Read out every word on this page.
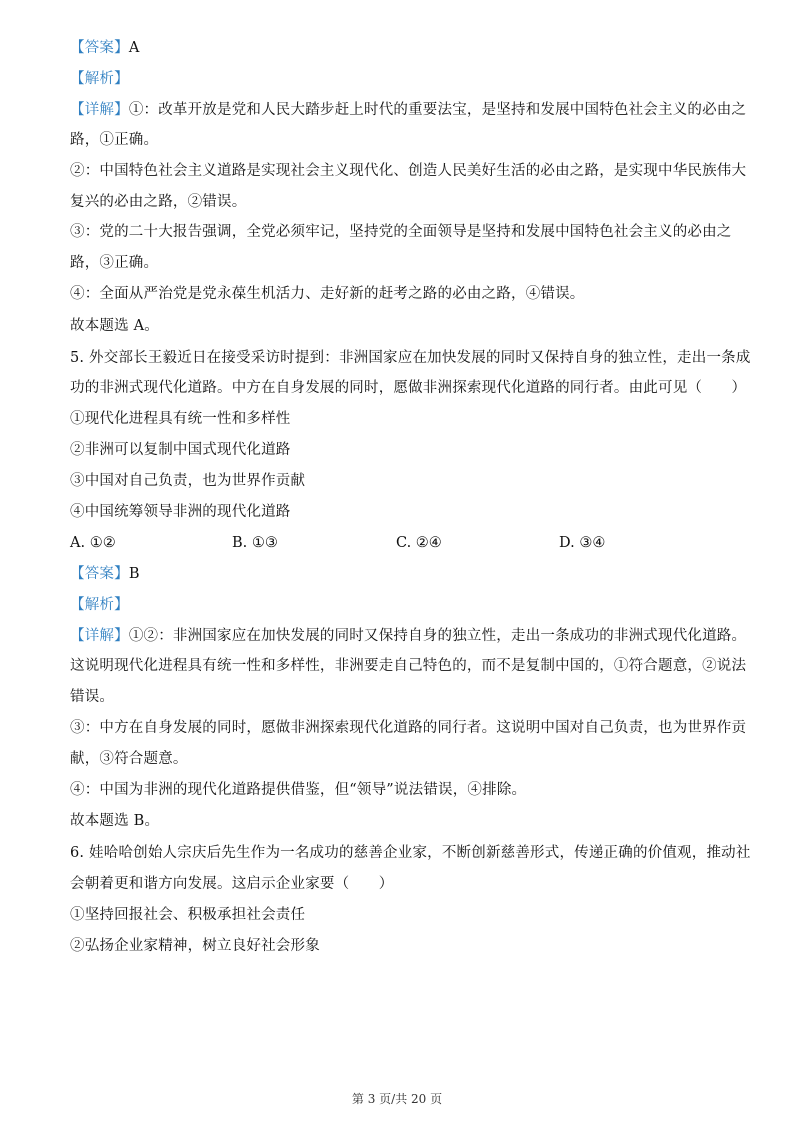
【答案】A
【解析】
【详解】①：改革开放是党和人民大踏步赶上时代的重要法宝，是坚持和发展中国特色社会主义的必由之
路，①正确。
②：中国特色社会主义道路是实现社会主义现代化、创造人民美好生活的必由之路，是实现中华民族伟大
复兴的必由之路，②错误。
③：党的二十大报告强调，全党必须牢记，坚持党的全面领导是坚持和发展中国特色社会主义的必由之
路，③正确。
④：全面从严治党是党永葆生机活力、走好新的赶考之路的必由之路，④错误。
故本题选 A。
5. 外交部长王毅近日在接受采访时提到：非洲国家应在加快发展的同时又保持自身的独立性，走出一条成
功的非洲式现代化道路。中方在自身发展的同时，愿做非洲探索现代化道路的同行者。由此可见（　　）
①现代化进程具有统一性和多样性
②非洲可以复制中国式现代化道路
③中国对自己负责，也为世界作贡献
④中国统筹领导非洲的现代化道路
A. ①②	B. ①③	C. ②④	D. ③④
【答案】B
【解析】
【详解】①②：非洲国家应在加快发展的同时又保持自身的独立性，走出一条成功的非洲式现代化道路。
这说明现代化进程具有统一性和多样性，非洲要走自己特色的，而不是复制中国的，①符合题意，②说法
错误。
③：中方在自身发展的同时，愿做非洲探索现代化道路的同行者。这说明中国对自己负责，也为世界作贡
献，③符合题意。
④：中国为非洲的现代化道路提供借鉴，但“领导”说法错误，④排除。
故本题选 B。
6. 娃哈哈创始人宗庆后先生作为一名成功的慈善企业家，不断创新慈善形式，传递正确的价值观，推动社
会朝着更和谐方向发展。这启示企业家要（　　）
①坚持回报社会、积极承担社会责任
②弘扬企业家精神，树立良好社会形象
第 3 页/共 20 页
